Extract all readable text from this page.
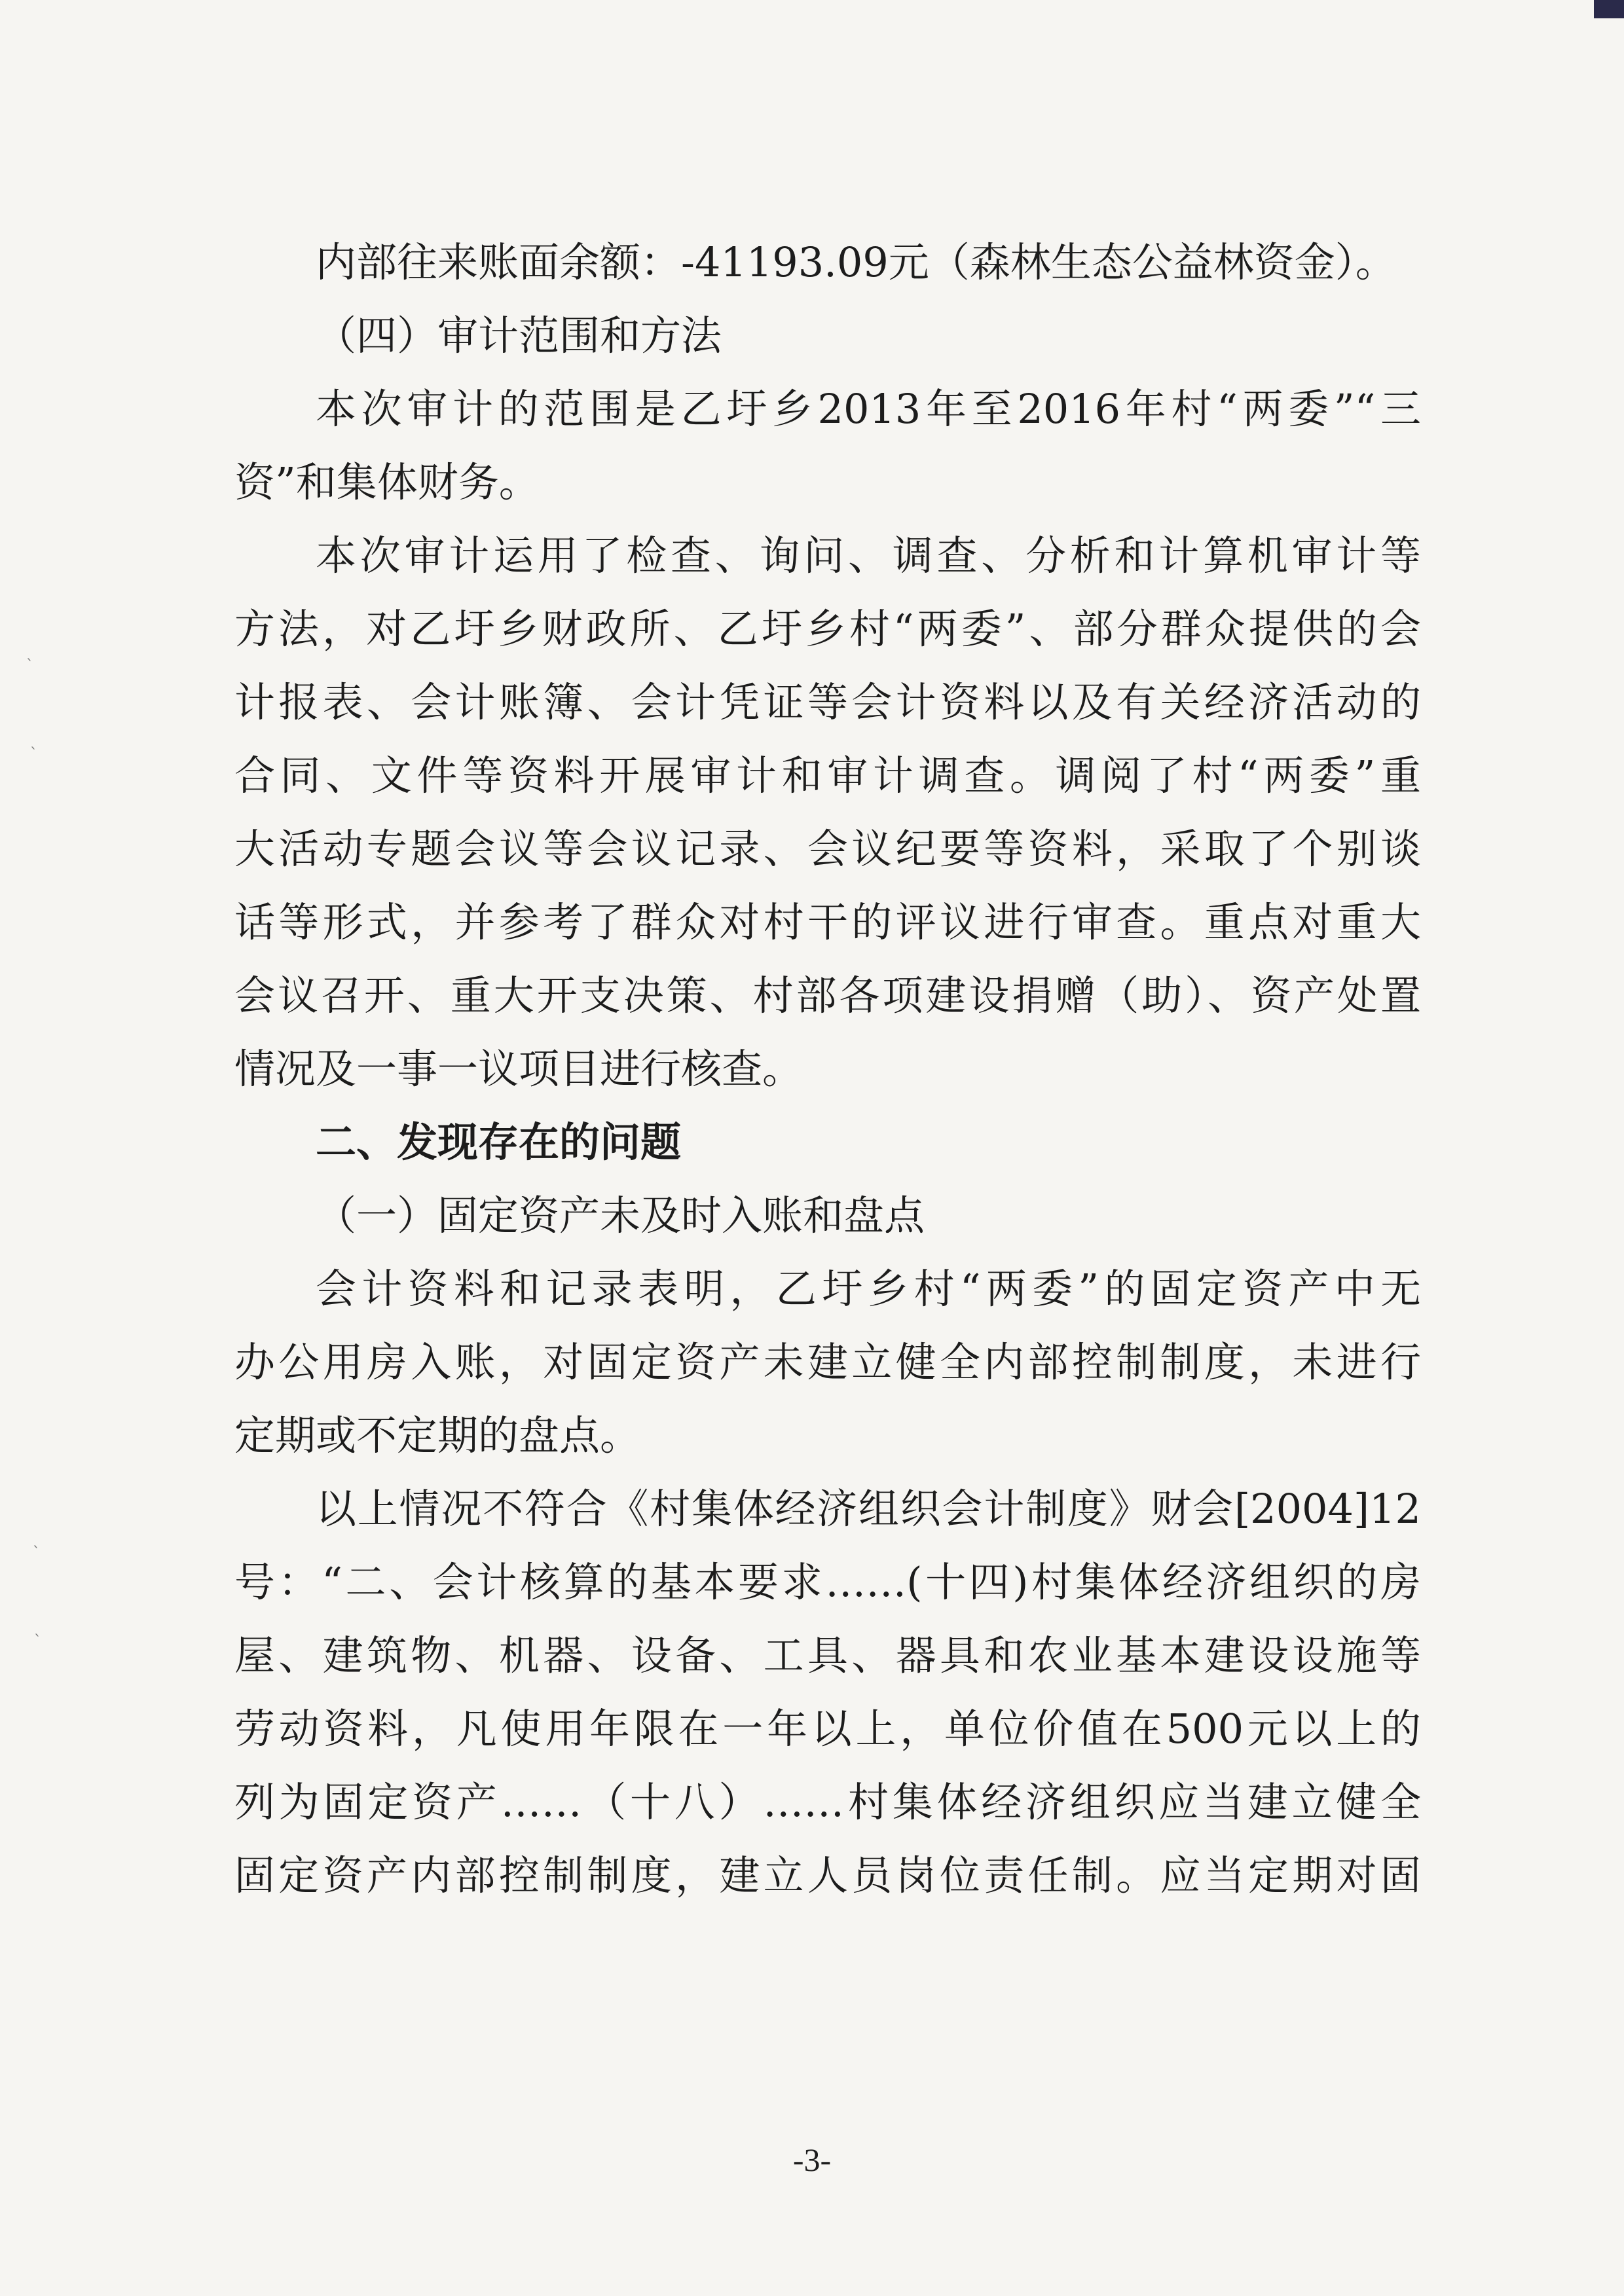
ˎ
ˎ
ˎ
ˎ
内部往来账面余额：-41193.09元（森林生态公益林资金）。
（四）审计范围和方法
本次审计的范围是乙圩乡2013年至2016年村“两委”“三
资”和集体财务。
本次审计运用了检查、询问、调查、分析和计算机审计等
方法，对乙圩乡财政所、乙圩乡村“两委”、部分群众提供的会
计报表、会计账簿、会计凭证等会计资料以及有关经济活动的
合同、文件等资料开展审计和审计调查。调阅了村“两委”重
大活动专题会议等会议记录、会议纪要等资料，采取了个别谈
话等形式，并参考了群众对村干的评议进行审查。重点对重大
会议召开、重大开支决策、村部各项建设捐赠（助）、资产处置
情况及一事一议项目进行核查。
二、发现存在的问题
（一）固定资产未及时入账和盘点
会计资料和记录表明，乙圩乡村“两委”的固定资产中无
办公用房入账，对固定资产未建立健全内部控制制度，未进行
定期或不定期的盘点。
以上情况不符合《村集体经济组织会计制度》财会[2004]12
号：“二、会计核算的基本要求……(十四)村集体经济组织的房
屋、建筑物、机器、设备、工具、器具和农业基本建设设施等
劳动资料，凡使用年限在一年以上，单位价值在500元以上的
列为固定资产……（十八）……村集体经济组织应当建立健全
固定资产内部控制制度，建立人员岗位责任制。应当定期对固
-3-
